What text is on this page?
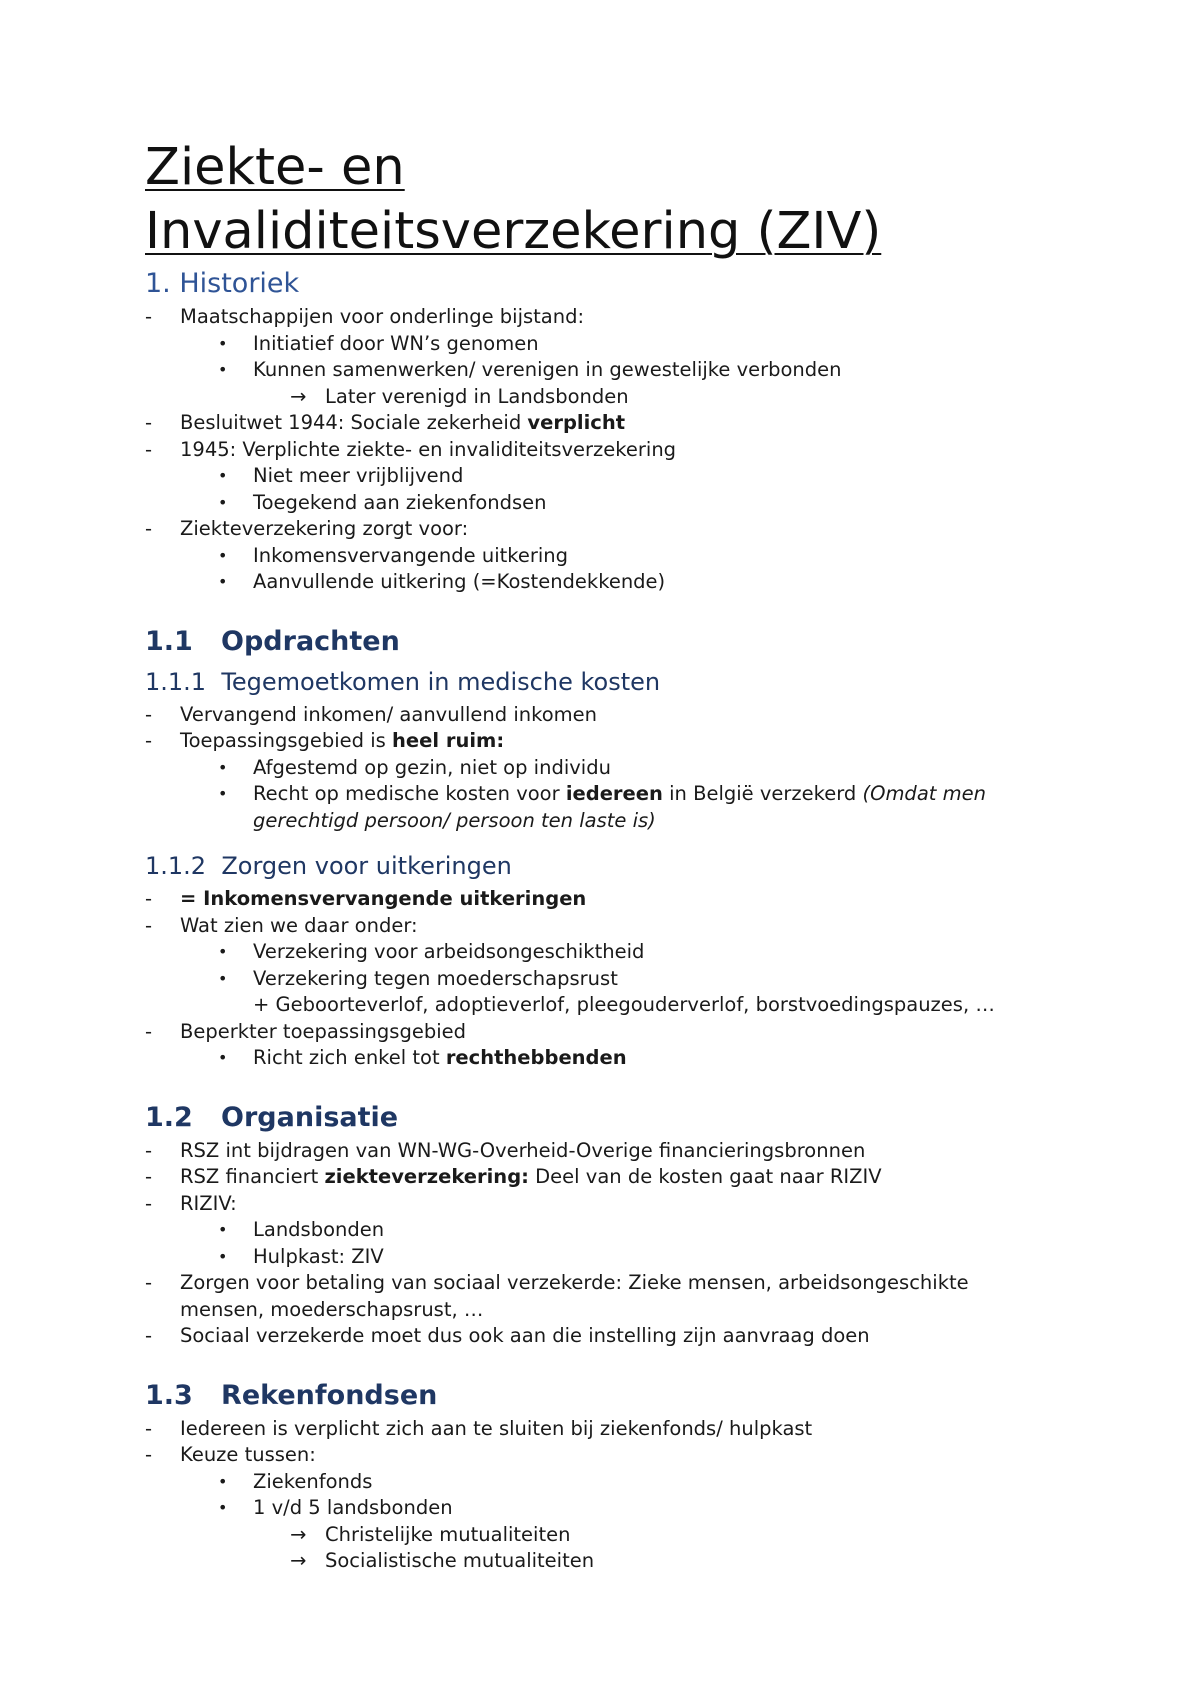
Ziekte- en
Invaliditeitsverzekering (ZIV)
1. Historiek
- Maatschappijen voor onderlinge bijstand:
• Initiatief door WN’s genomen
• Kunnen samenwerken/ verenigen in gewestelijke verbonden
→ Later verenigd in Landsbonden
- Besluitwet 1944: Sociale zekerheid verplicht
- 1945: Verplichte ziekte- en invaliditeitsverzekering
• Niet meer vrijblijvend
• Toegekend aan ziekenfondsen
- Ziekteverzekering zorgt voor:
• Inkomensvervangende uitkering
• Aanvullende uitkering (=Kostendekkende)
1.1   Opdrachten
1.1.1  Tegemoetkomen in medische kosten
- Vervangend inkomen/ aanvullend inkomen
- Toepassingsgebied is heel ruim:
• Afgestemd op gezin, niet op individu
• Recht op medische kosten voor iedereen in België verzekerd (Omdat men
gerechtigd persoon/ persoon ten laste is)
1.1.2  Zorgen voor uitkeringen
- = Inkomensvervangende uitkeringen
- Wat zien we daar onder:
• Verzekering voor arbeidsongeschiktheid
• Verzekering tegen moederschapsrust
+ Geboorteverlof, adoptieverlof, pleegouderverlof, borstvoedingspauzes, …
- Beperkter toepassingsgebied
• Richt zich enkel tot rechthebbenden
1.2   Organisatie
- RSZ int bijdragen van WN-WG-Overheid-Overige financieringsbronnen
- RSZ financiert ziekteverzekering: Deel van de kosten gaat naar RIZIV
- RIZIV:
• Landsbonden
• Hulpkast: ZIV
- Zorgen voor betaling van sociaal verzekerde: Zieke mensen, arbeidsongeschikte
mensen, moederschapsrust, …
- Sociaal verzekerde moet dus ook aan die instelling zijn aanvraag doen
1.3   Rekenfondsen
- Iedereen is verplicht zich aan te sluiten bij ziekenfonds/ hulpkast
- Keuze tussen:
• Ziekenfonds
• 1 v/d 5 landsbonden
→ Christelijke mutualiteiten
→ Socialistische mutualiteiten
